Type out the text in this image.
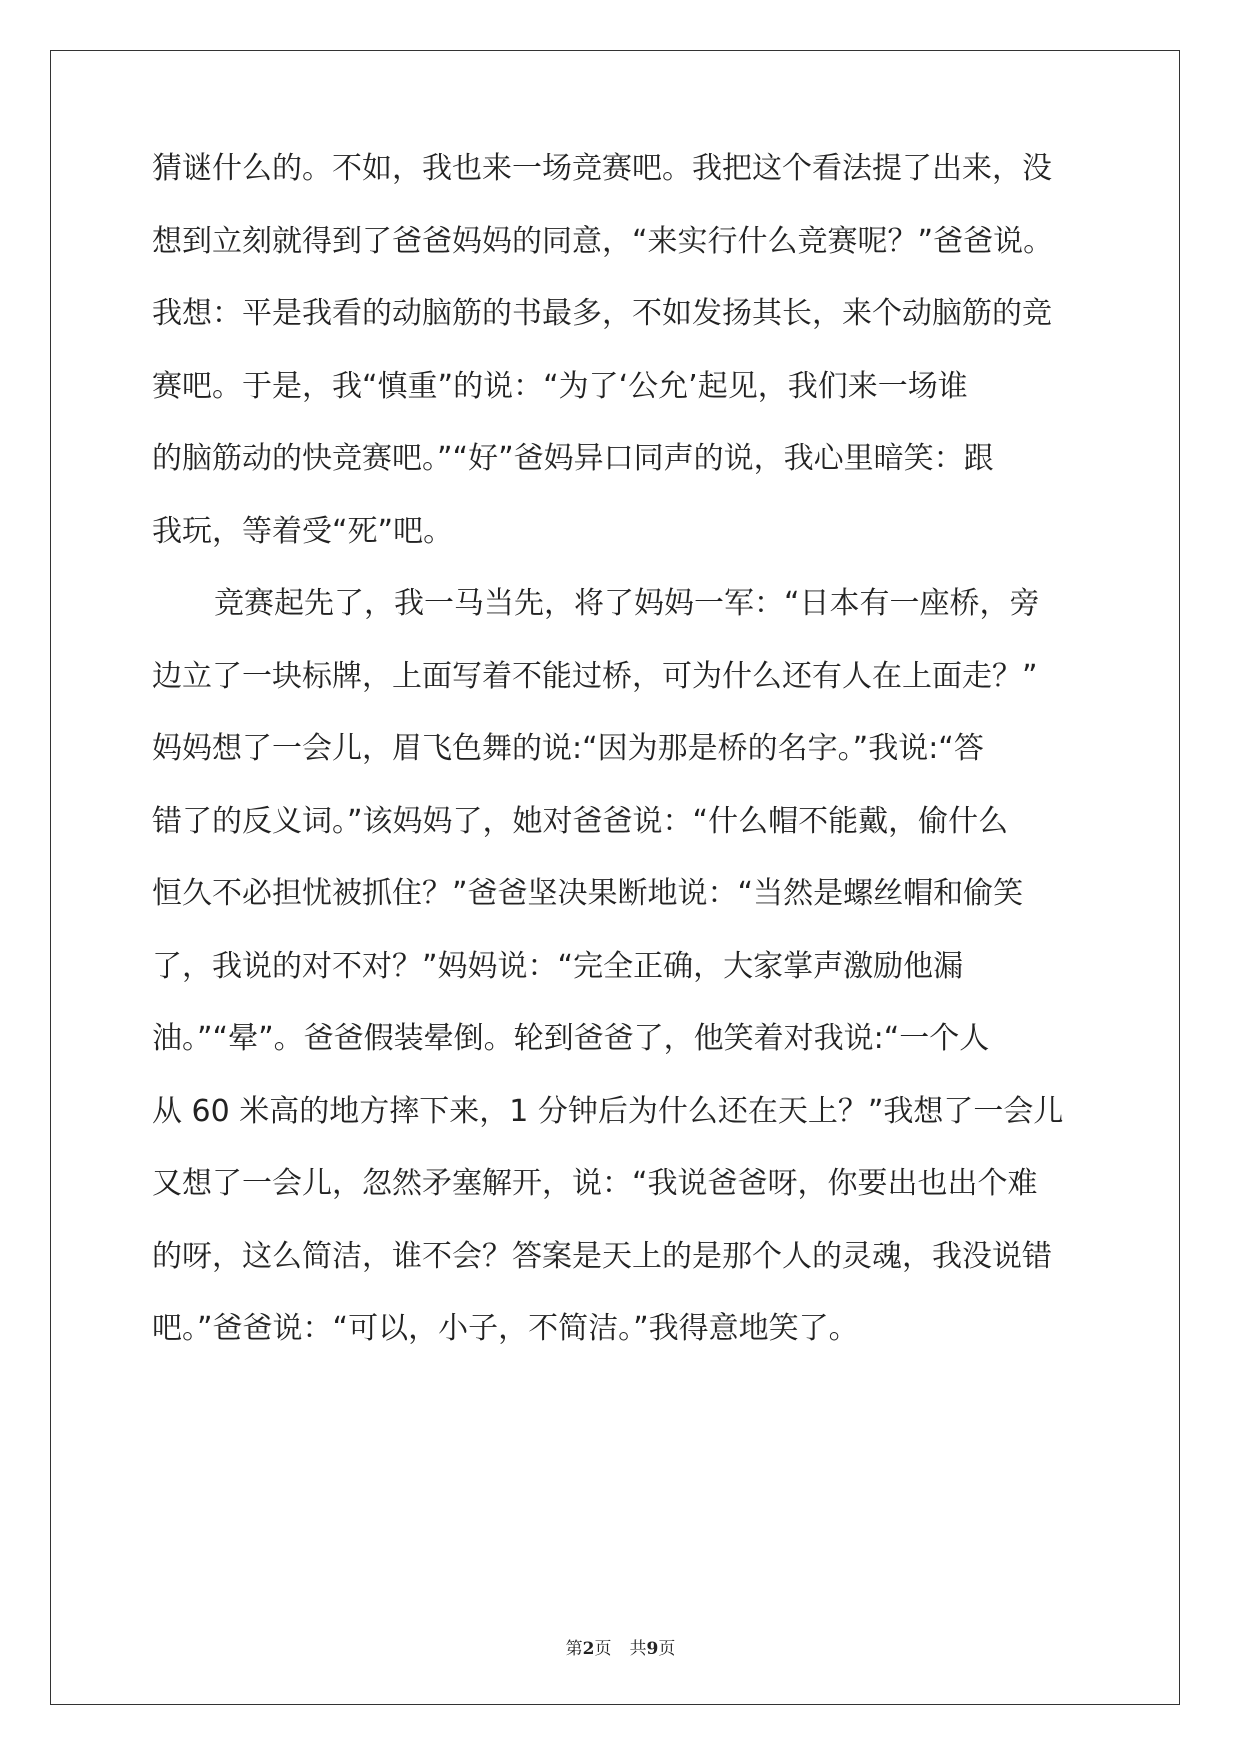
猜谜什么的。不如，我也来一场竞赛吧。我把这个看法提了出来，没
想到立刻就得到了爸爸妈妈的同意，“来实行什么竞赛呢？”爸爸说。
我想：平是我看的动脑筋的书最多，不如发扬其长，来个动脑筋的竞
赛吧。于是，我“慎重”的说：“为了‘公允’起见，我们来一场谁
的脑筋动的快竞赛吧。”“好”爸妈异口同声的说，我心里暗笑：跟
我玩，等着受“死”吧。
竞赛起先了，我一马当先，将了妈妈一军：“日本有一座桥，旁
边立了一块标牌，上面写着不能过桥，可为什么还有人在上面走？”
妈妈想了一会儿，眉飞色舞的说:“因为那是桥的名字。”我说:“答
错了的反义词。”该妈妈了，她对爸爸说：“什么帽不能戴，偷什么
恒久不必担忧被抓住？”爸爸坚决果断地说：“当然是螺丝帽和偷笑
了，我说的对不对？”妈妈说：“完全正确，大家掌声激励他漏
油。”“晕”。爸爸假装晕倒。轮到爸爸了，他笑着对我说:“一个人
从 60 米高的地方摔下来，1 分钟后为什么还在天上？”我想了一会儿
又想了一会儿，忽然矛塞解开，说：“我说爸爸呀，你要出也出个难
的呀，这么简洁，谁不会？答案是天上的是那个人的灵魂，我没说错
吧。”爸爸说：“可以，小子，不简洁。”我得意地笑了。
第2页 共9页
